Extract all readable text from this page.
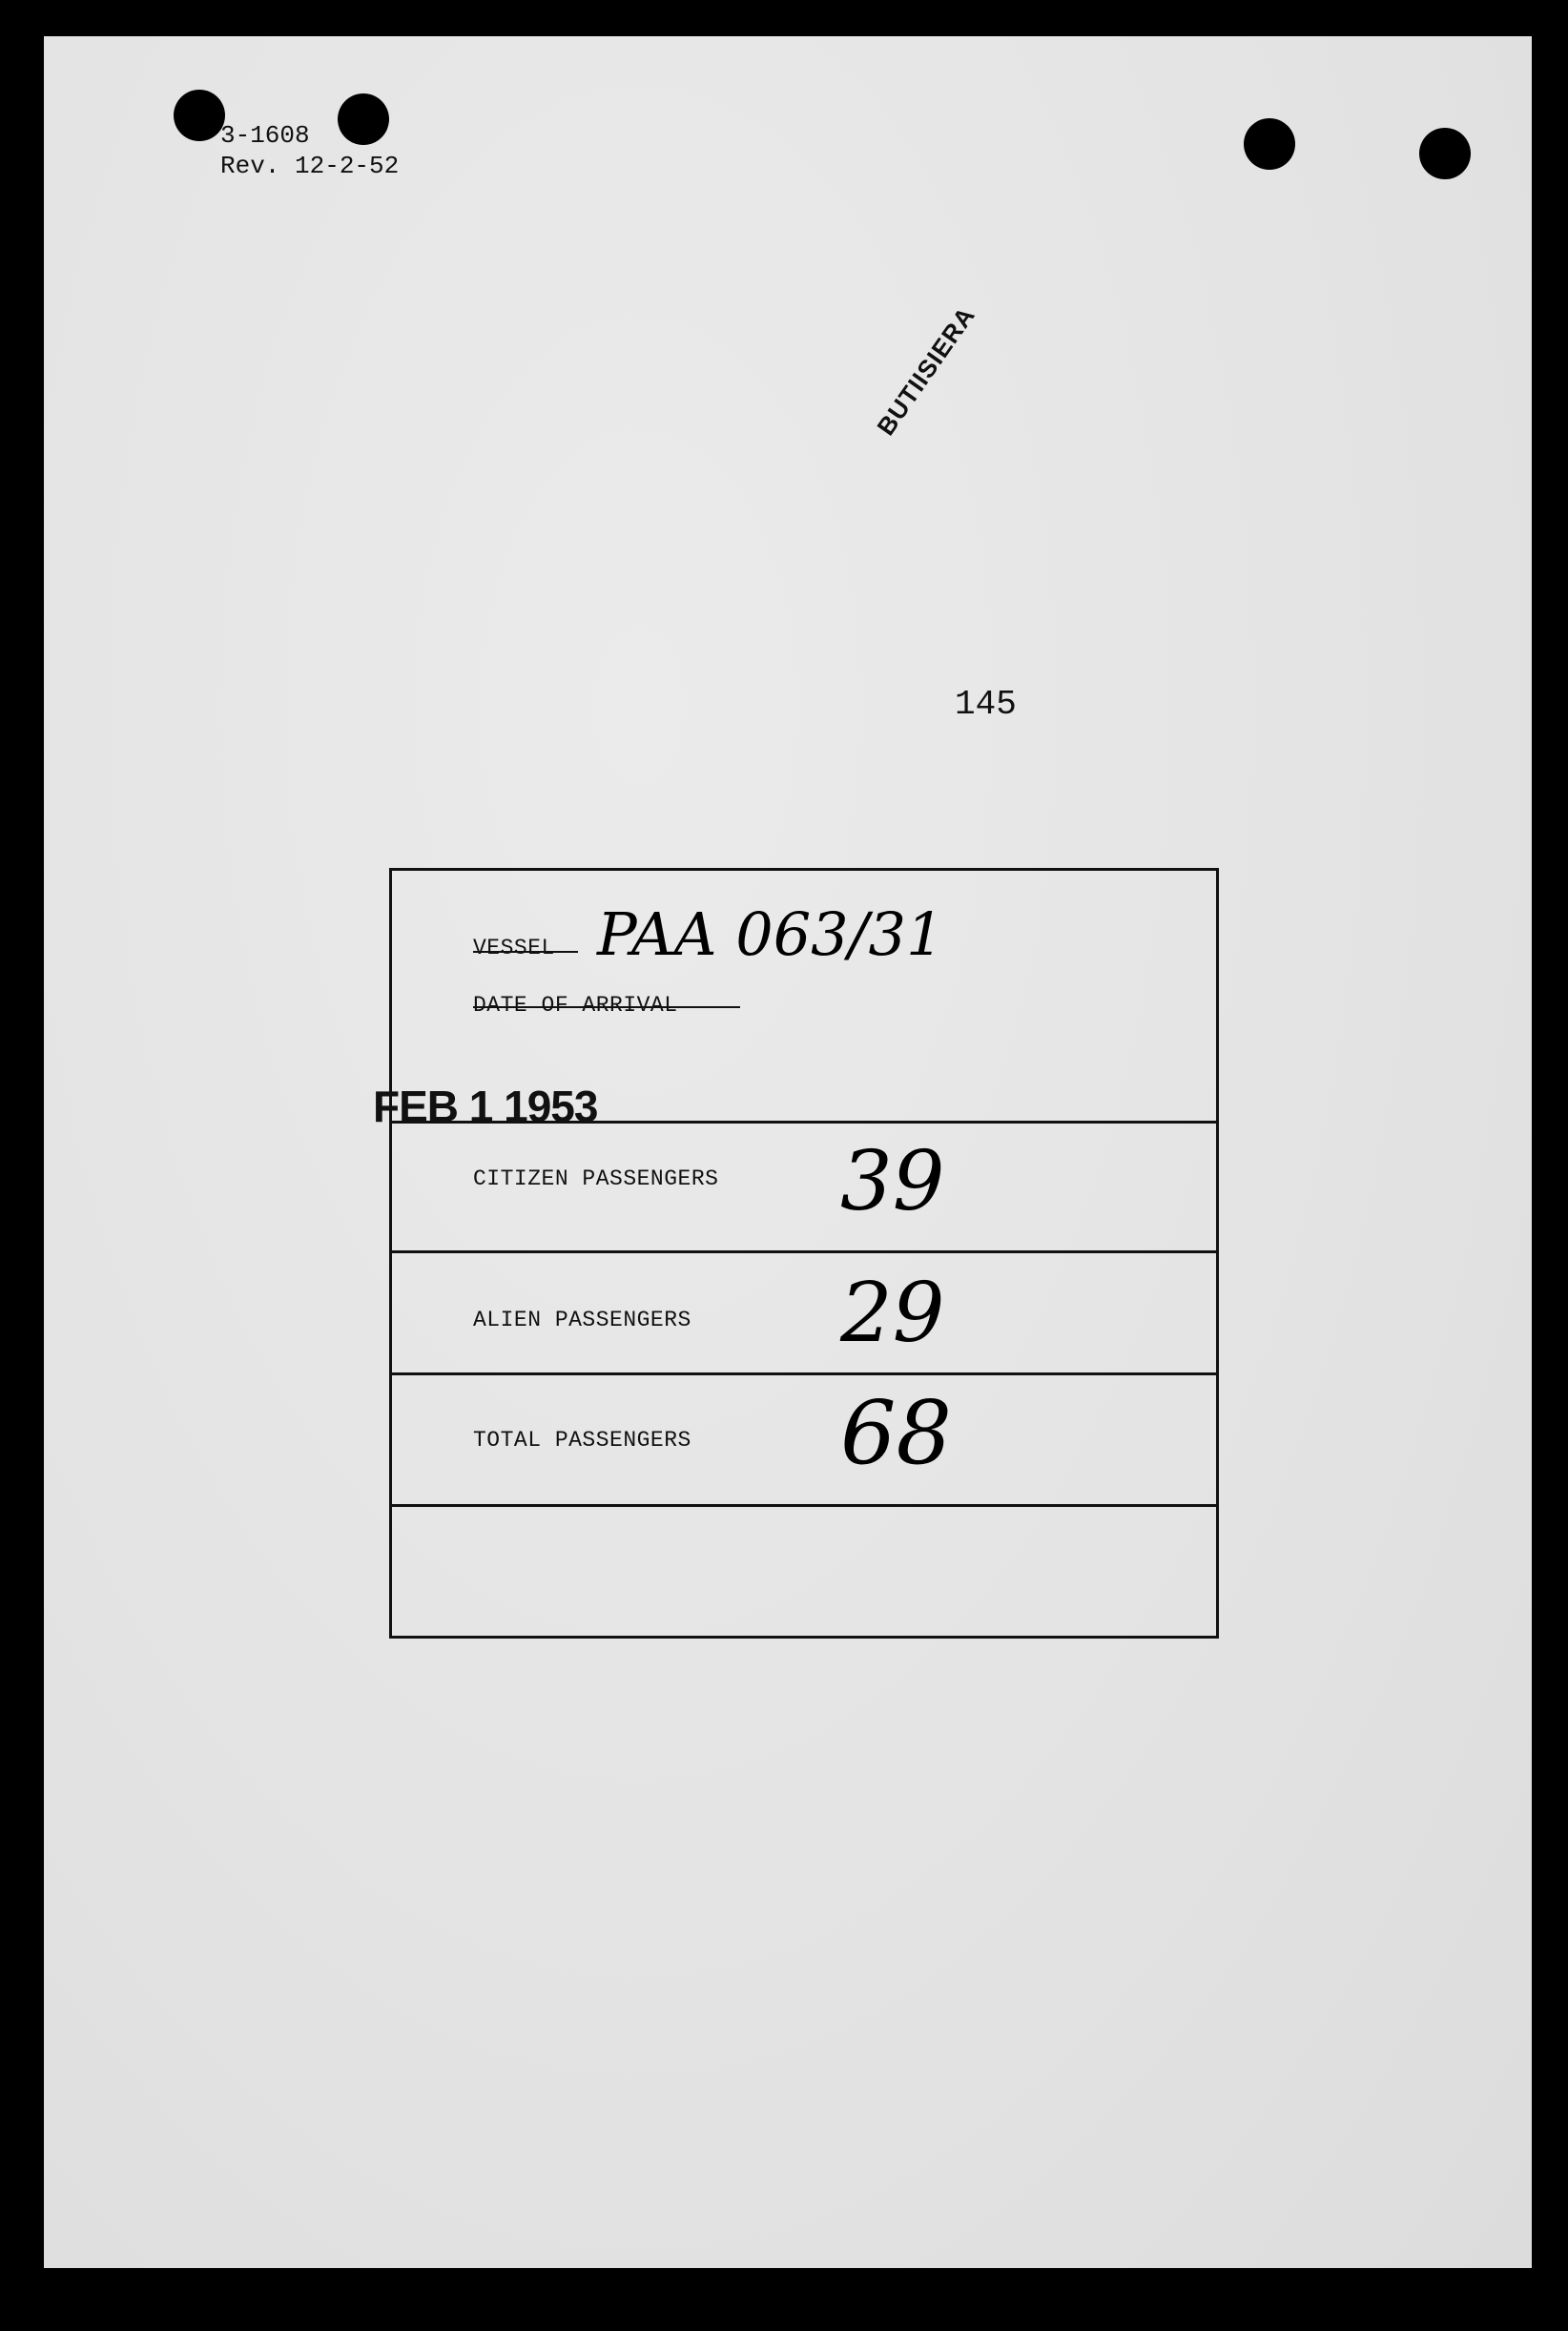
3-1608
Rev. 12-2-52
BUTIISIERA
145
VESSEL PAA 063/31
DATE OF ARRIVAL
FEB 1 1953
CITIZEN PASSENGERS 39
ALIEN PASSENGERS 29
TOTAL PASSENGERS 68
